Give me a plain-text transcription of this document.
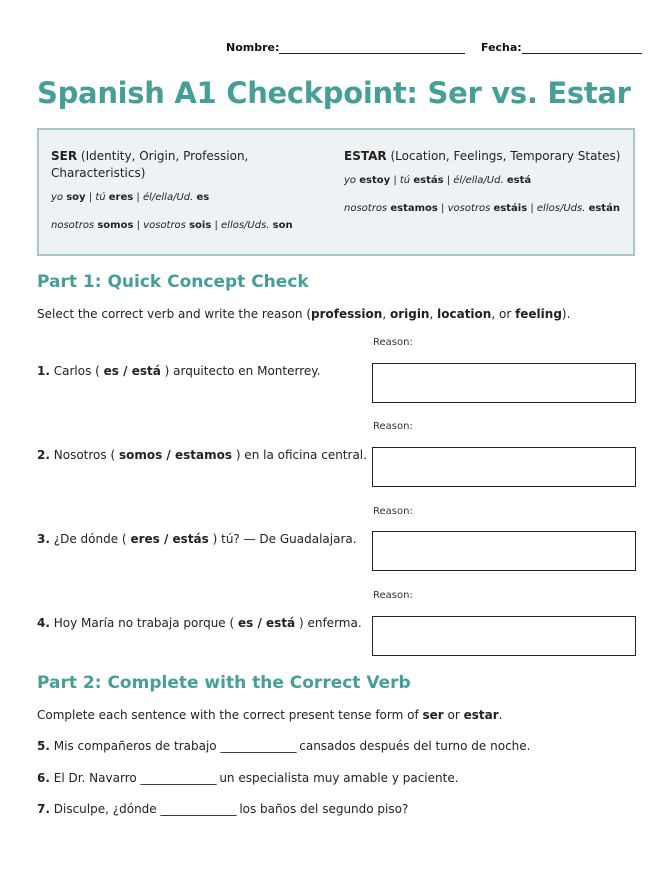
Nombre:	Fecha:
Spanish A1 Checkpoint: Ser vs. Estar
SER (Identity, Origin, Profession, Characteristics)
yo soy | tú eres | él/ella/Ud. es
nosotros somos | vosotros sois | ellos/Uds. son
ESTAR (Location, Feelings, Temporary States)
yo estoy | tú estás | él/ella/Ud. está
nosotros estamos | vosotros estáis | ellos/Uds. están
Part 1: Quick Concept Check
Select the correct verb and write the reason (profession, origin, location, or feeling).
Reason:
1. Carlos ( es / está ) arquitecto en Monterrey.
Reason:
2. Nosotros ( somos / estamos ) en la oficina central.
Reason:
3. ¿De dónde ( eres / estás ) tú? — De Guadalajara.
Reason:
4. Hoy María no trabaja porque ( es / está ) enferma.
Part 2: Complete with the Correct Verb
Complete each sentence with the correct present tense form of ser or estar.
5. Mis compañeros de trabajo _______________ cansados después del turno de noche.
6. El Dr. Navarro _______________ un especialista muy amable y paciente.
7. Disculpe, ¿dónde _______________ los baños del segundo piso?
